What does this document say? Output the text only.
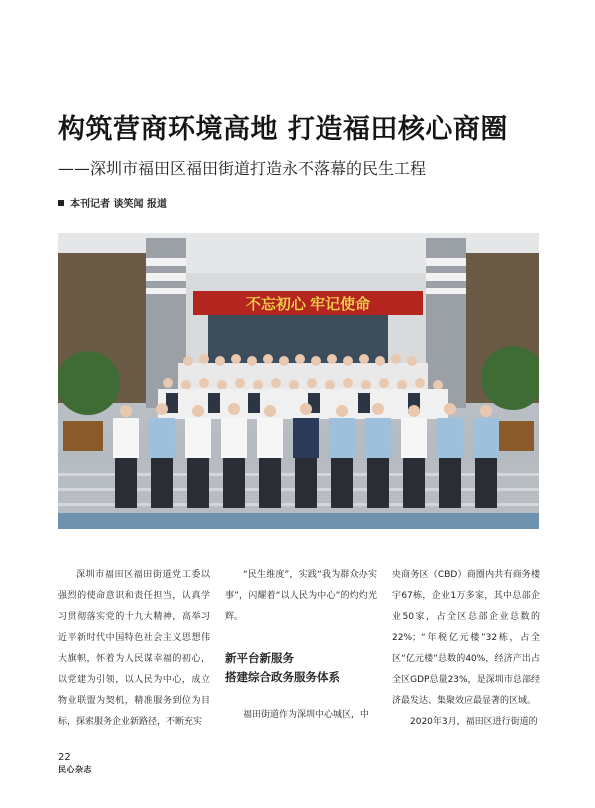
构筑营商环境高地 打造福田核心商圈
——深圳市福田区福田街道打造永不落幕的民生工程
本刊记者 谈笑闻 报道
不忘初心 牢记使命

深圳市福田区福田街道党工委以强烈的使命意识和责任担当，认真学习贯彻落实党的十九大精神，高举习近平新时代中国特色社会主义思想伟大旗帜，怀着为人民谋幸福的初心，以党建为引领，以人民为中心，成立物业联盟为契机，精准服务到位为目标，探索服务企业新路径，不断充实

“民生维度”，实践“我为群众办实事”，闪耀着“以人民为中心”的灼灼光辉。

新平台新服务

搭建综合政务服务体系

福田街道作为深圳中心城区，中

央商务区（CBD）商圈内共有商务楼宇67栋，企业1万多家，其中总部企业50家，占全区总部企业总数的22%；“年税亿元楼”32栋，占全区“亿元楼”总数的40%，经济产出占全区GDP总量23%，是深圳市总部经济最发达、集聚效应最显著的区域。

2020年3月，福田区进行街道的

22
民心杂志
